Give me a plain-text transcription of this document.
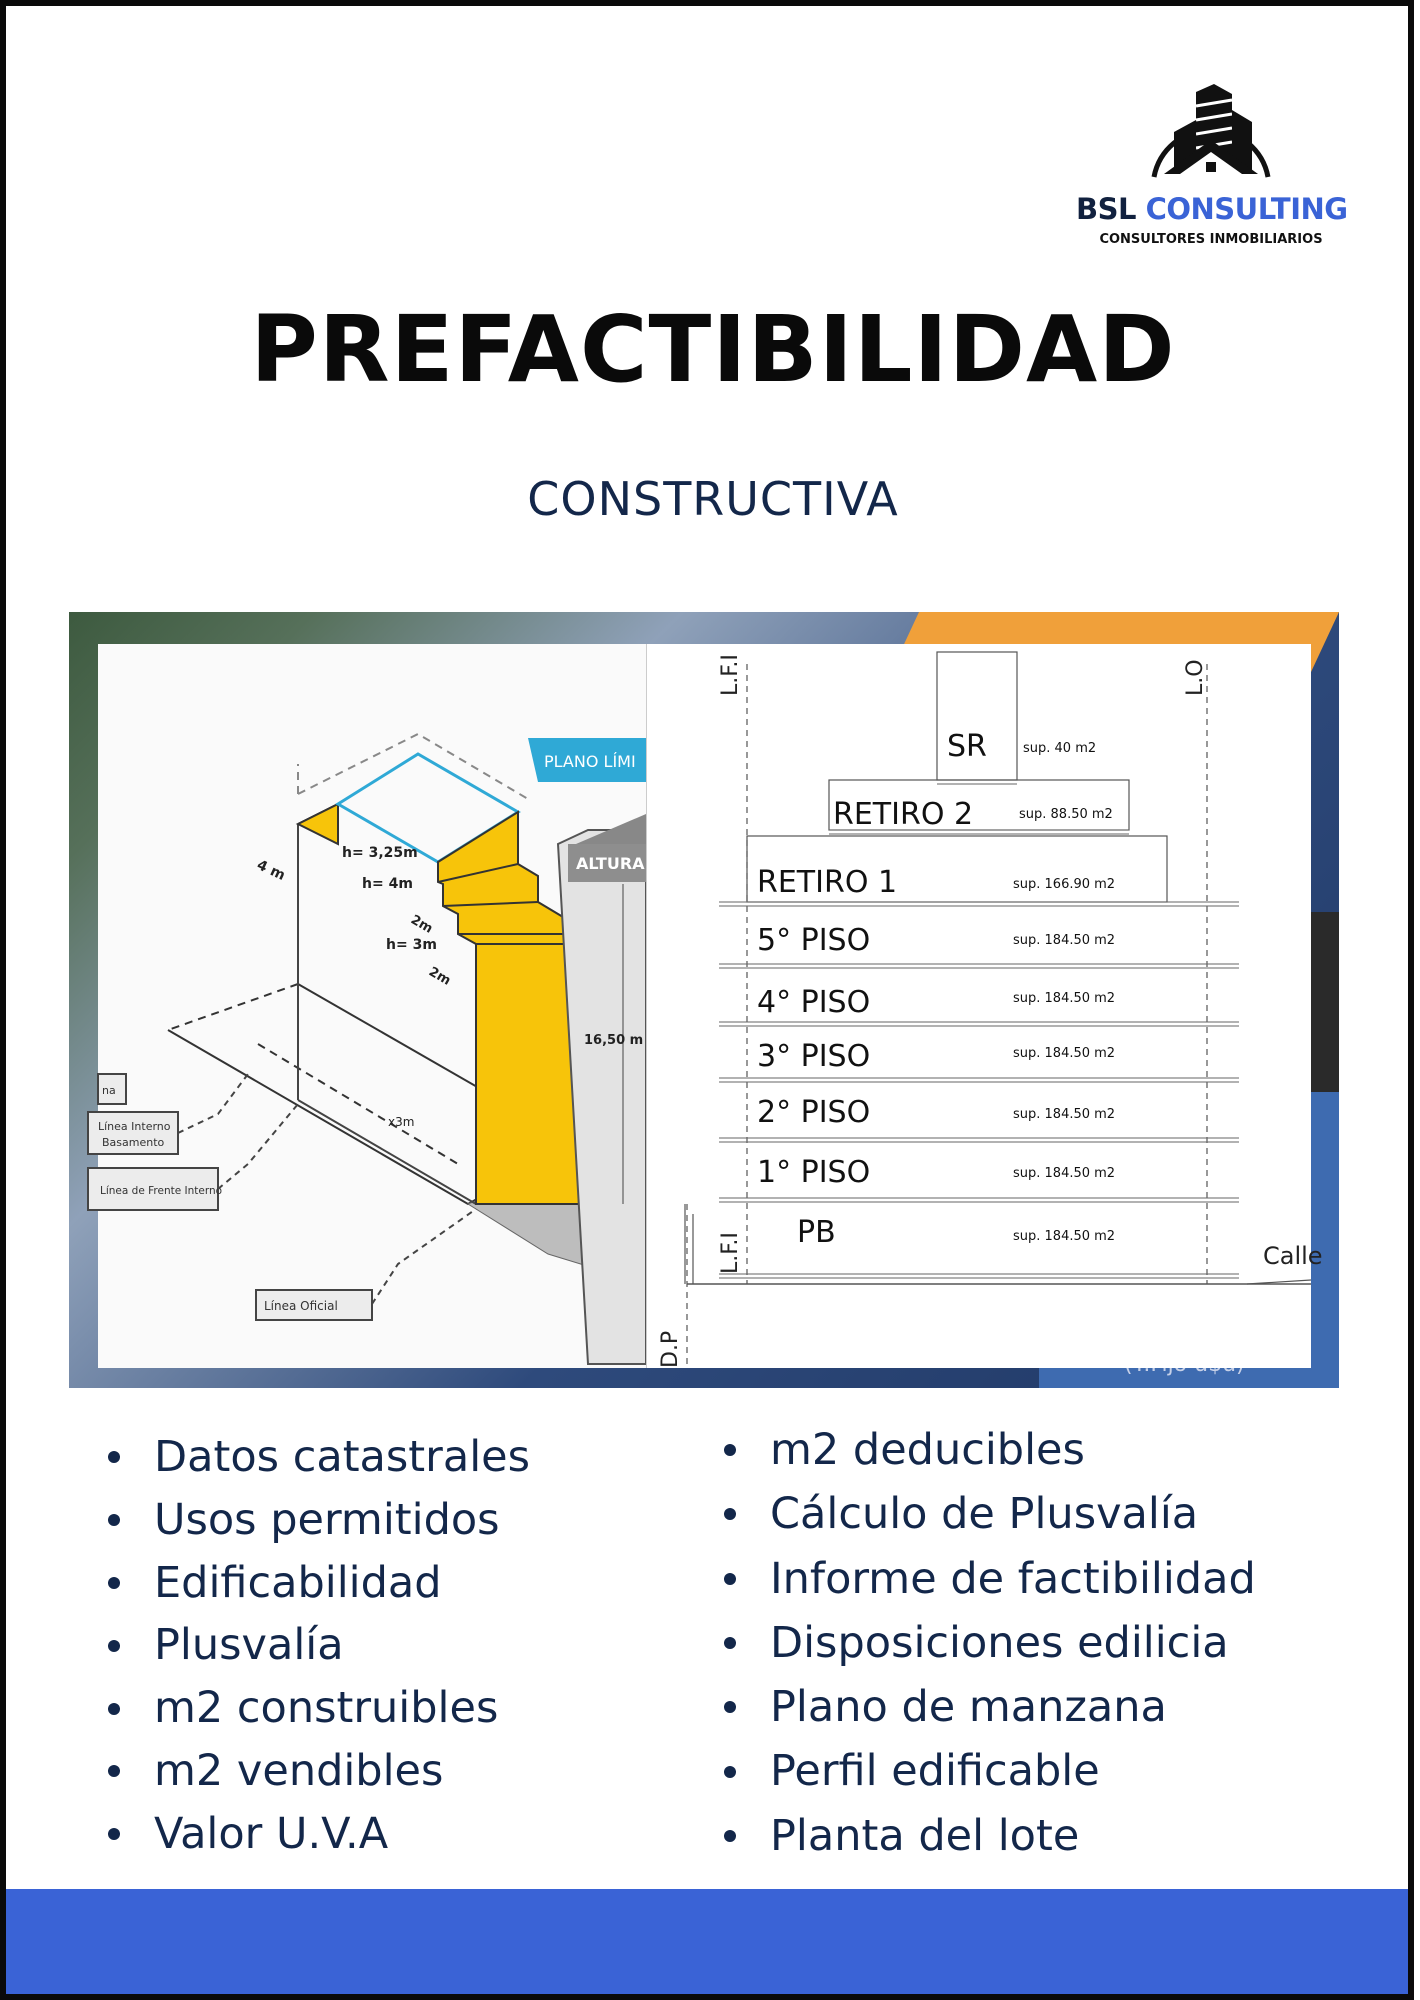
BSL CONSULTING
CONSULTORES INMOBILIARIOS
PREFACTIBILIDAD
CONSTRUCTIVA
PLANO LÍMI
ALTURA
16,50 m
4 m
h= 3,25m
h= 4m
2m
h= 3m
2m
x3m
na
Línea Interno
Basamento
Línea de Frente Interno
Línea Oficial
L.F.I	L.O
L.F.I
D.P
Calle
SR	sup. 40 m2
RETIRO 2	sup. 88.50 m2
RETIRO 1	sup. 166.90 m2
5° PISO	sup. 184.50 m2
4° PISO	sup. 184.50 m2
3° PISO	sup. 184.50 m2
2° PISO	sup. 184.50 m2
1° PISO	sup. 184.50 m2
PB	sup. 184.50 m2
Datos catastrales
Usos permitidos
Edificabilidad
Plusvalía
m2 construibles
m2 vendibles
Valor U.V.A
m2 deducibles
Cálculo de Plusvalía
Informe de factibilidad
Disposiciones edilicia
Plano de manzana
Perfil edificable
Planta del lote
